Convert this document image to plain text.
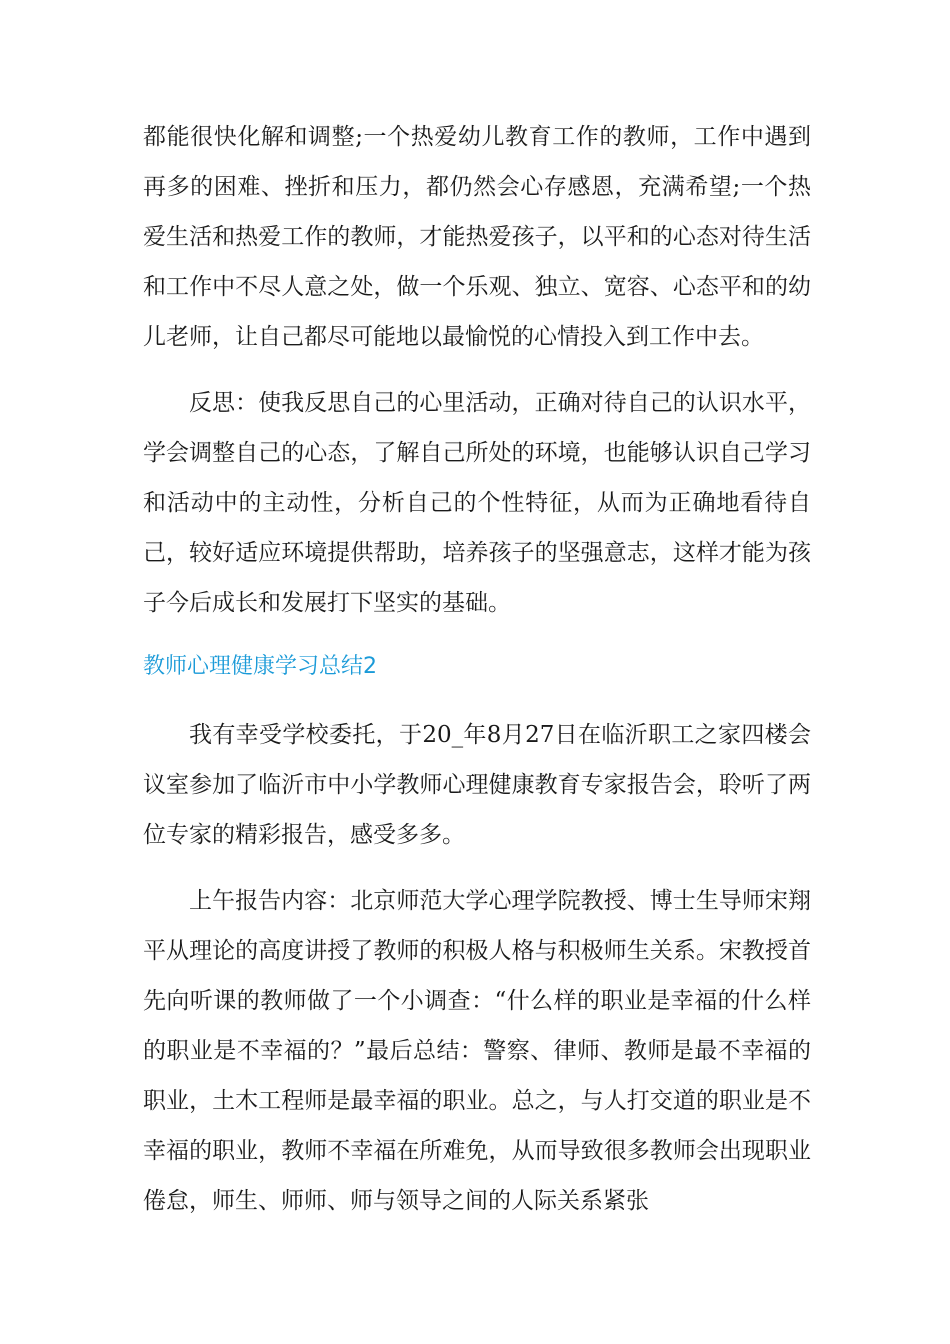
都能很快化解和调整;一个热爱幼儿教育工作的教师，工作中遇到再多的困难、挫折和压力，都仍然会心存感恩，充满希望;一个热爱生活和热爱工作的教师，才能热爱孩子，以平和的心态对待生活和工作中不尽人意之处，做一个乐观、独立、宽容、心态平和的幼儿老师，让自己都尽可能地以最愉悦的心情投入到工作中去。

反思：使我反思自己的心里活动，正确对待自己的认识水平，学会调整自己的心态，了解自己所处的环境，也能够认识自己学习和活动中的主动性，分析自己的个性特征，从而为正确地看待自己，较好适应环境提供帮助，培养孩子的坚强意志，这样才能为孩子今后成长和发展打下坚实的基础。

教师心理健康学习总结2

我有幸受学校委托，于20_年8月27日在临沂职工之家四楼会议室参加了临沂市中小学教师心理健康教育专家报告会，聆听了两位专家的精彩报告，感受多多。

上午报告内容：北京师范大学心理学院教授、博士生导师宋翔平从理论的高度讲授了教师的积极人格与积极师生关系。宋教授首先向听课的教师做了一个小调查：“什么样的职业是幸福的什么样的职业是不幸福的？”最后总结：警察、律师、教师是最不幸福的职业，土木工程师是最幸福的职业。总之，与人打交道的职业是不幸福的职业，教师不幸福在所难免，从而导致很多教师会出现职业倦怠，师生、师师、师与领导之间的人际关系紧张
